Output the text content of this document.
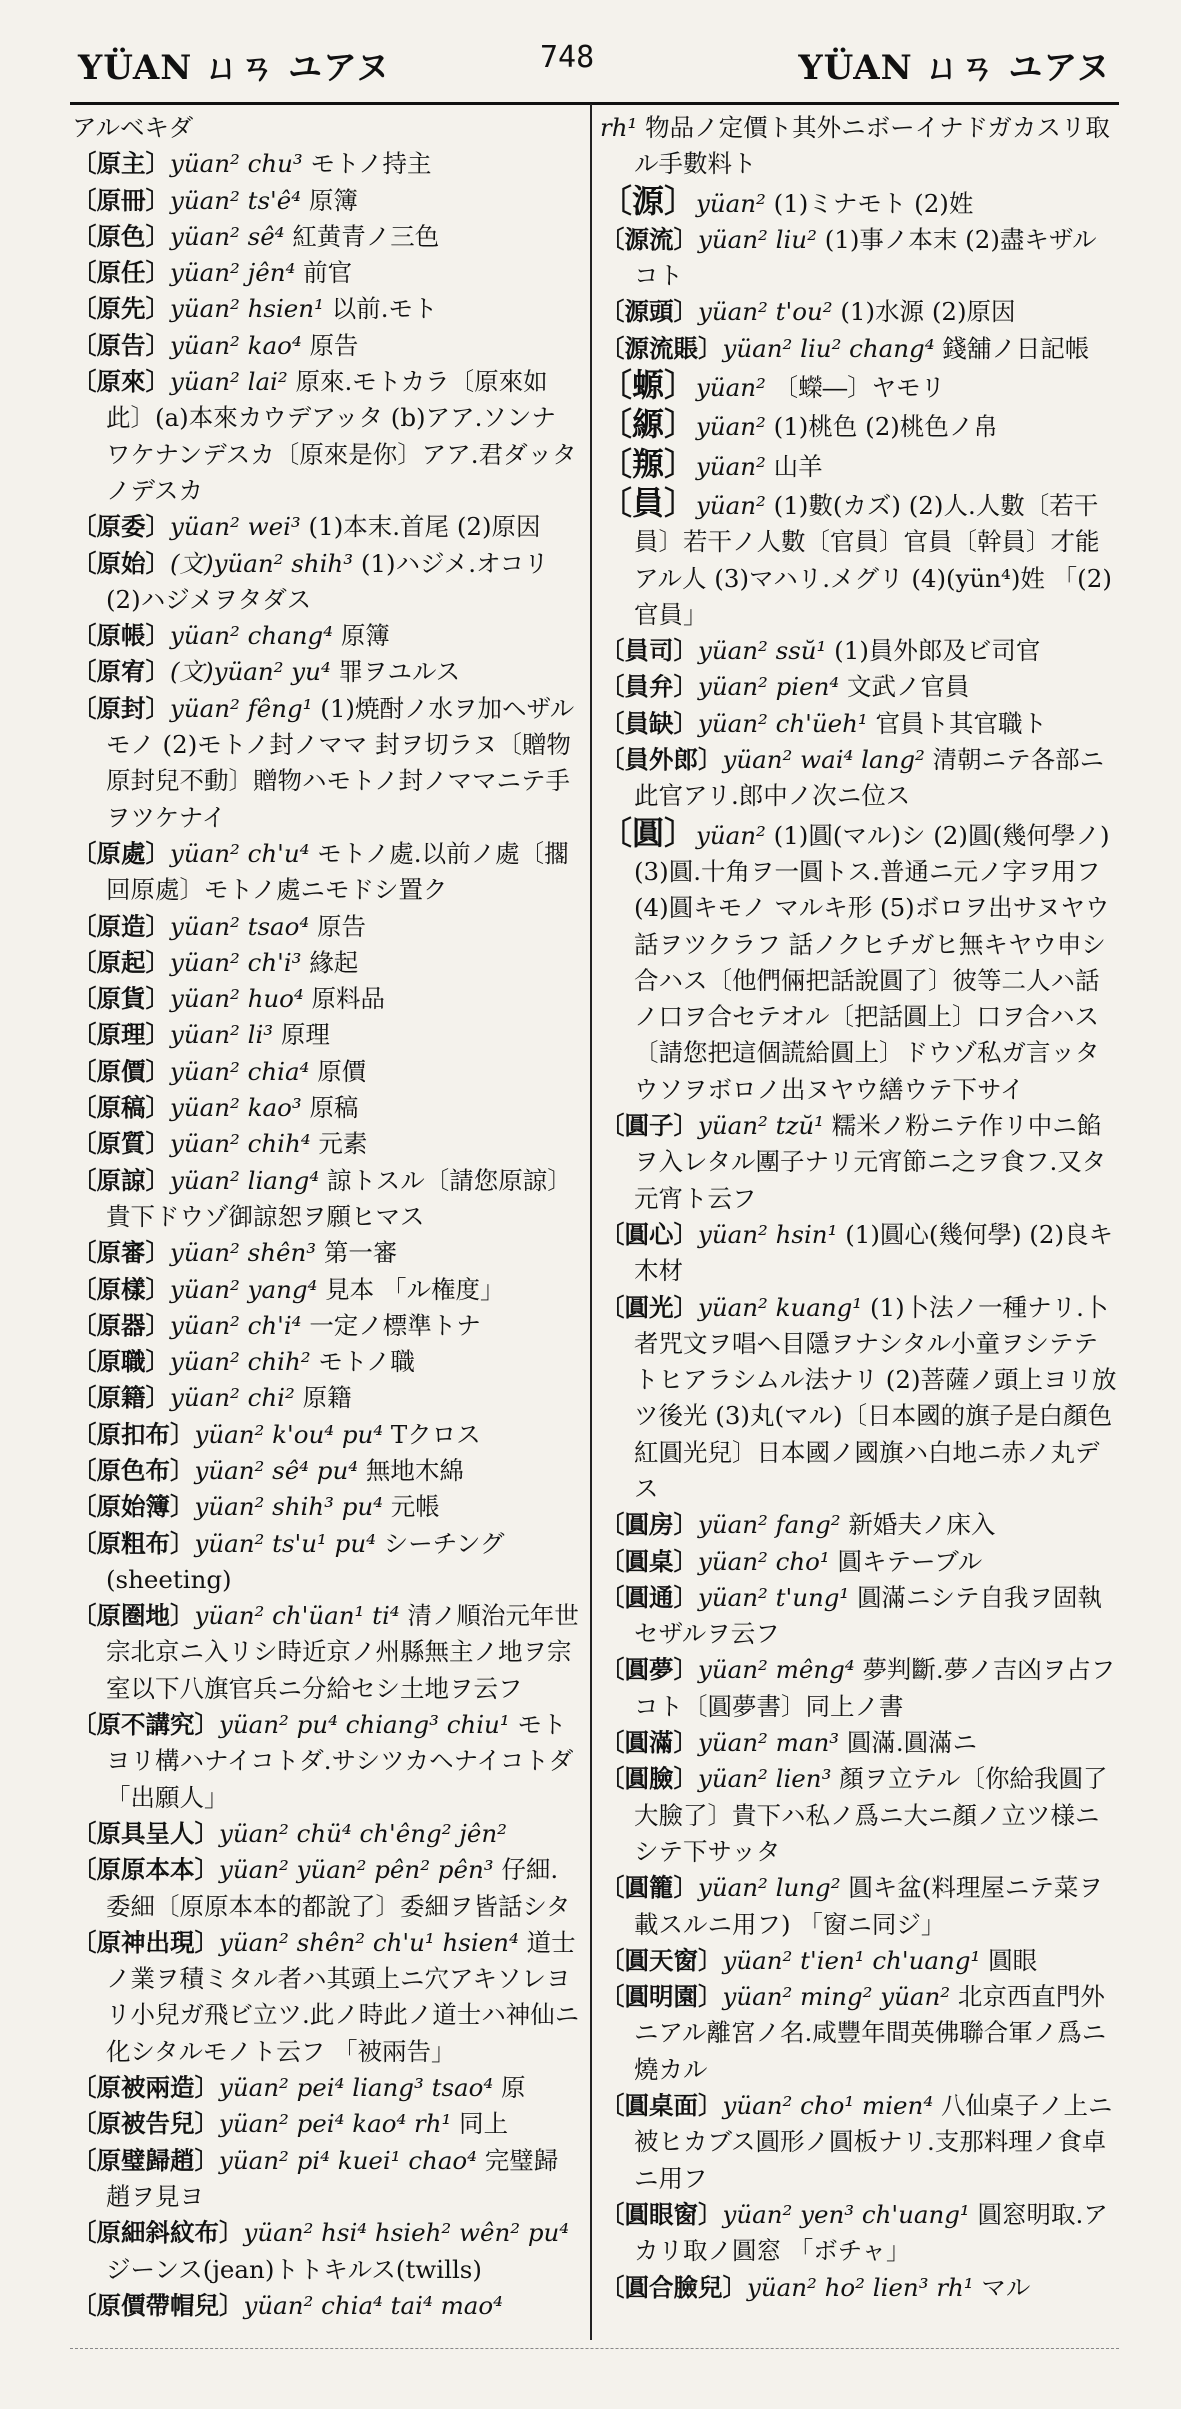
YÜAN ㄩㄢ ユアヌ	748	YÜAN ㄩㄢ ユアヌ

アルベキダ

〔原主〕yüan² chu³ モトノ持主

〔原冊〕yüan² ts'ê⁴ 原簿

〔原色〕yüan² sê⁴ 紅黄青ノ三色

〔原任〕yüan² jên⁴ 前官

〔原先〕yüan² hsien¹ 以前.モト

〔原告〕yüan² kao⁴ 原告

〔原來〕yüan² lai² 原來.モトカラ〔原來如此〕(a)本來カウデアッタ (b)アア.ソンナワケナンデスカ〔原來是你〕アア.君ダッタノデスカ

〔原委〕yüan² wei³ (1)本末.首尾 (2)原因

〔原始〕(文)yüan² shih³ (1)ハジメ.オコリ (2)ハジメヲタダス

〔原帳〕yüan² chang⁴ 原簿

〔原宥〕(文)yüan² yu⁴ 罪ヲユルス

〔原封〕yüan² fêng¹ (1)焼酎ノ水ヲ加ヘザルモノ (2)モトノ封ノママ 封ヲ切ラヌ〔贈物原封兒不動〕贈物ハモトノ封ノママニテ手ヲツケナイ

〔原處〕yüan² ch'u⁴ モトノ處.以前ノ處〔擱回原處〕モトノ處ニモドシ置ク

〔原造〕yüan² tsao⁴ 原告

〔原起〕yüan² ch'i³ 緣起

〔原貨〕yüan² huo⁴ 原料品

〔原理〕yüan² li³ 原理

〔原價〕yüan² chia⁴ 原價

〔原稿〕yüan² kao³ 原稿

〔原質〕yüan² chih⁴ 元素

〔原諒〕yüan² liang⁴ 諒トスル〔請您原諒〕貴下ドウゾ御諒恕ヲ願ヒマス

〔原審〕yüan² shên³ 第一審

〔原樣〕yüan² yang⁴ 見本 「ル権度」

〔原器〕yüan² ch'i⁴ 一定ノ標準トナ

〔原職〕yüan² chih² モトノ職

〔原籍〕yüan² chi² 原籍

〔原扣布〕yüan² k'ou⁴ pu⁴ Tクロス

〔原色布〕yüan² sê⁴ pu⁴ 無地木綿

〔原始簿〕yüan² shih³ pu⁴ 元帳

〔原粗布〕yüan² ts'u¹ pu⁴ シーチング (sheeting)

〔原圏地〕yüan² ch'üan¹ ti⁴ 清ノ順治元年世宗北京ニ入リシ時近京ノ州縣無主ノ地ヲ宗室以下八旗官兵ニ分給セシ土地ヲ云フ

〔原不講究〕yüan² pu⁴ chiang³ chiu¹ モトヨリ構ハナイコトダ.サシツカヘナイコトダ 「出願人」

〔原具呈人〕yüan² chü⁴ ch'êng² jên²

〔原原本本〕yüan² yüan² pên² pên³ 仔細.委細〔原原本本的都說了〕委細ヲ皆話シタ

〔原神出現〕yüan² shên² ch'u¹ hsien⁴ 道士ノ業ヲ積ミタル者ハ其頭上ニ穴アキソレヨリ小兒ガ飛ビ立ツ.此ノ時此ノ道士ハ神仙ニ化シタルモノト云フ 「被兩告」

〔原被兩造〕yüan² pei⁴ liang³ tsao⁴ 原

〔原被告兒〕yüan² pei⁴ kao⁴ rh¹ 同上

〔原璧歸趙〕yüan² pi⁴ kuei¹ chao⁴ 完璧歸趙ヲ見ヨ

〔原細斜紋布〕yüan² hsi⁴ hsieh² wên² pu⁴ ジーンス(jean)トトキルス(twills)

〔原價帶帽兒〕yüan² chia⁴ tai⁴ mao⁴

rh¹ 物品ノ定價ト其外ニボーイナドガカスリ取ル手數料ト

〔源〕yüan² (1)ミナモト (2)姓

〔源流〕yüan² liu² (1)事ノ本末 (2)盡キザルコト

〔源頭〕yüan² t'ou² (1)水源 (2)原因

〔源流賬〕yüan² liu² chang⁴ 錢舖ノ日記帳

〔螈〕yüan² 〔蠑―〕ヤモリ

〔縓〕yüan² (1)桃色 (2)桃色ノ帛

〔羱〕yüan² 山羊

〔員〕yüan² (1)數(カズ) (2)人.人數〔若干員〕若干ノ人數〔官員〕官員〔幹員〕才能アル人 (3)マハリ.メグリ (4)(yün⁴)姓 「(2)官員」

〔員司〕yüan² ssŭ¹ (1)員外郎及ビ司官

〔員弁〕yüan² pien⁴ 文武ノ官員

〔員缺〕yüan² ch'üeh¹ 官員ト其官職ト

〔員外郎〕yüan² wai⁴ lang² 清朝ニテ各部ニ此官アリ.郎中ノ次ニ位ス

〔圓〕yüan² (1)圓(マル)シ (2)圓(幾何學ノ) (3)圓.十角ヲ一圓トス.普通ニ元ノ字ヲ用フ (4)圓キモノ マルキ形 (5)ボロヲ出サヌヤウ話ヲツクラフ 話ノクヒチガヒ無キヤウ申シ合ハス〔他們倆把話說圓了〕彼等二人ハ話ノ口ヲ合セテオル〔把話圓上〕口ヲ合ハス〔請您把這個謊給圓上〕ドウゾ私ガ言ッタウソヲボロノ出ヌヤウ繕ウテ下サイ

〔圓子〕yüan² tzŭ¹ 糯米ノ粉ニテ作リ中ニ餡ヲ入レタル團子ナリ元宵節ニ之ヲ食フ.又タ元宵ト云フ

〔圓心〕yüan² hsin¹ (1)圓心(幾何學) (2)良キ木材

〔圓光〕yüan² kuang¹ (1)卜法ノ一種ナリ.卜者咒文ヲ唱ヘ目隱ヲナシタル小童ヲシテテトヒアラシムル法ナリ (2)菩薩ノ頭上ヨリ放ツ後光 (3)丸(マル)〔日本國的旗子是白顏色紅圓光兒〕日本國ノ國旗ハ白地ニ赤ノ丸デス

〔圓房〕yüan² fang² 新婚夫ノ床入

〔圓桌〕yüan² cho¹ 圓キテーブル

〔圓通〕yüan² t'ung¹ 圓滿ニシテ自我ヲ固執セザルヲ云フ

〔圓夢〕yüan² mêng⁴ 夢判斷.夢ノ吉凶ヲ占フコト〔圓夢書〕同上ノ書

〔圓滿〕yüan² man³ 圓滿.圓滿ニ

〔圓臉〕yüan² lien³ 顏ヲ立テル〔你給我圓了大臉了〕貴下ハ私ノ爲ニ大ニ顏ノ立ツ様ニシテ下サッタ

〔圓籠〕yüan² lung² 圓キ盆(料理屋ニテ菜ヲ載スルニ用フ) 「窗ニ同ジ」

〔圓天窗〕yüan² t'ien¹ ch'uang¹ 圓眼

〔圓明園〕yüan² ming² yüan² 北京西直門外ニアル離宮ノ名.咸豐年間英佛聯合軍ノ爲ニ燒カル

〔圓桌面〕yüan² cho¹ mien⁴ 八仙桌子ノ上ニ被ヒカブス圓形ノ圓板ナリ.支那料理ノ食卓ニ用フ

〔圓眼窗〕yüan² yen³ ch'uang¹ 圓窓明取.アカリ取ノ圓窓 「ボチャ」

〔圓合臉兒〕yüan² ho² lien³ rh¹ マル
